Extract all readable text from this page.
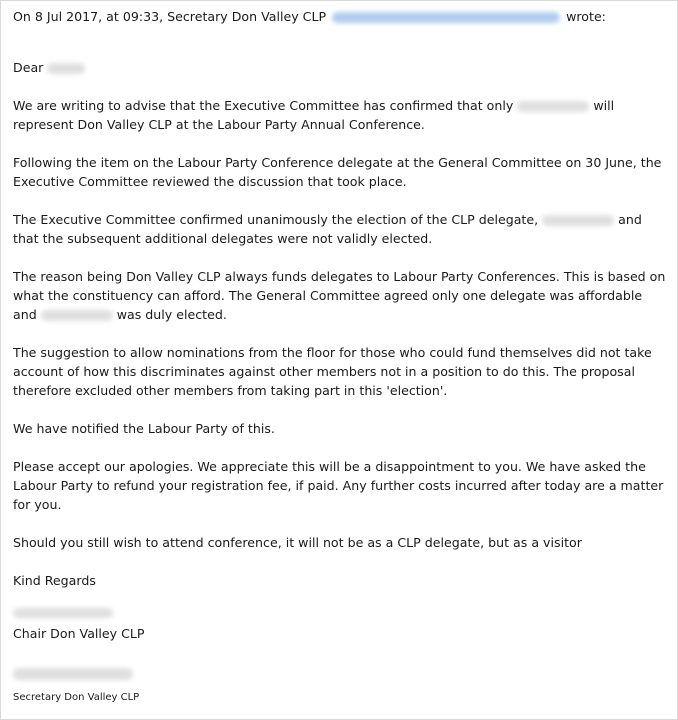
On 8 Jul 2017, at 09:33, Secretary Don Valley CLP	wrote:

Dear

We are writing to advise that the Executive Committee has confirmed that only	will represent Don Valley CLP at the Labour Party Annual Conference.

Following the item on the Labour Party Conference delegate at the General Committee on 30 June, the Executive Committee reviewed the discussion that took place.

The Executive Committee confirmed unanimously the election of the CLP delegate,	and that the subsequent additional delegates were not validly elected.

The reason being Don Valley CLP always funds delegates to Labour Party Conferences. This is based on what the constituency can afford. The General Committee agreed only one delegate was affordable and	was duly elected.

The suggestion to allow nominations from the floor for those who could fund themselves did not take account of how this discriminates against other members not in a position to do this. The proposal therefore excluded other members from taking part in this 'election'.

We have notified the Labour Party of this.

Please accept our apologies. We appreciate this will be a disappointment to you. We have asked the Labour Party to refund your registration fee, if paid. Any further costs incurred after today are a matter for you.

Should you still wish to attend conference, it will not be as a CLP delegate, but as a visitor

Kind Regards

Chair Don Valley CLP
Secretary Don Valley CLP
